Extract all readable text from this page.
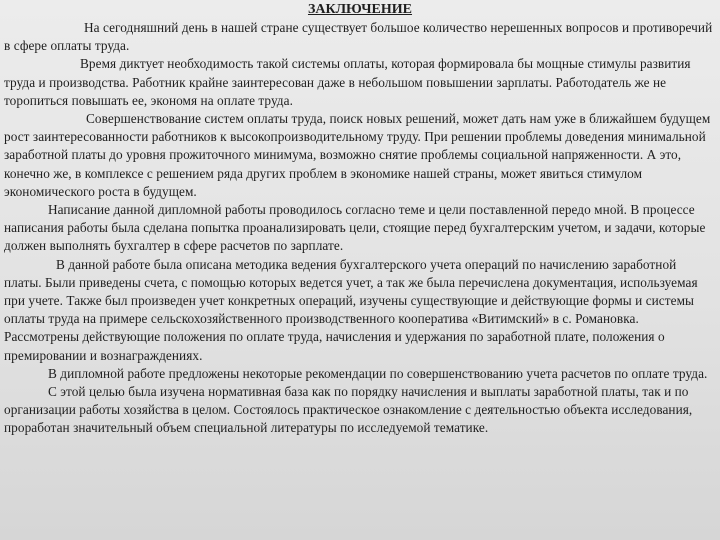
ЗАКЛЮЧЕНИЕ

На сегодняшний день в нашей стране существует большое количество нерешенных вопросов и противоречий в сфере оплаты труда.

Время диктует необходимость такой системы оплаты, которая формировала бы мощные стимулы развития труда и производства. Работник крайне заинтересован даже в небольшом повышении зарплаты. Работодатель же не торопиться повышать ее, экономя на оплате труда.

Совершенствование систем оплаты труда, поиск новых решений, может дать нам уже в ближайшем будущем рост заинтересованности работников к высокопроизводительному труду. При решении проблемы доведения минимальной заработной платы до уровня прожиточного минимума, возможно снятие проблемы социальной напряженности. А это, конечно же, в комплексе с решением ряда других проблем в экономике нашей страны, может явиться стимулом экономического роста в будущем.

Написание данной дипломной работы проводилось согласно теме и цели поставленной передо мной. В процессе написания работы была сделана попытка проанализировать цели, стоящие перед бухгалтерским учетом, и задачи, которые должен выполнять бухгалтер в сфере расчетов по зарплате.

В данной работе была описана методика ведения бухгалтерского учета операций по начислению заработной платы. Были приведены счета, с помощью которых ведется учет, а так же была перечислена документация, используемая при учете. Также был произведен учет конкретных операций, изучены существующие и действующие формы и системы оплаты труда на примере сельскохозяйственного производственного кооператива «Витимский» в с. Романовка. Рассмотрены действующие положения по оплате труда, начисления и удержания по заработной плате, положения о премировании и вознаграждениях.

В дипломной работе предложены некоторые рекомендации по совершенствованию учета расчетов по оплате труда.

С этой целью была изучена нормативная база как по порядку начисления и выплаты заработной платы, так и по организации работы хозяйства в целом. Состоялось практическое ознакомление с деятельностью объекта исследования, проработан значительный объем специальной литературы по исследуемой тематике.
